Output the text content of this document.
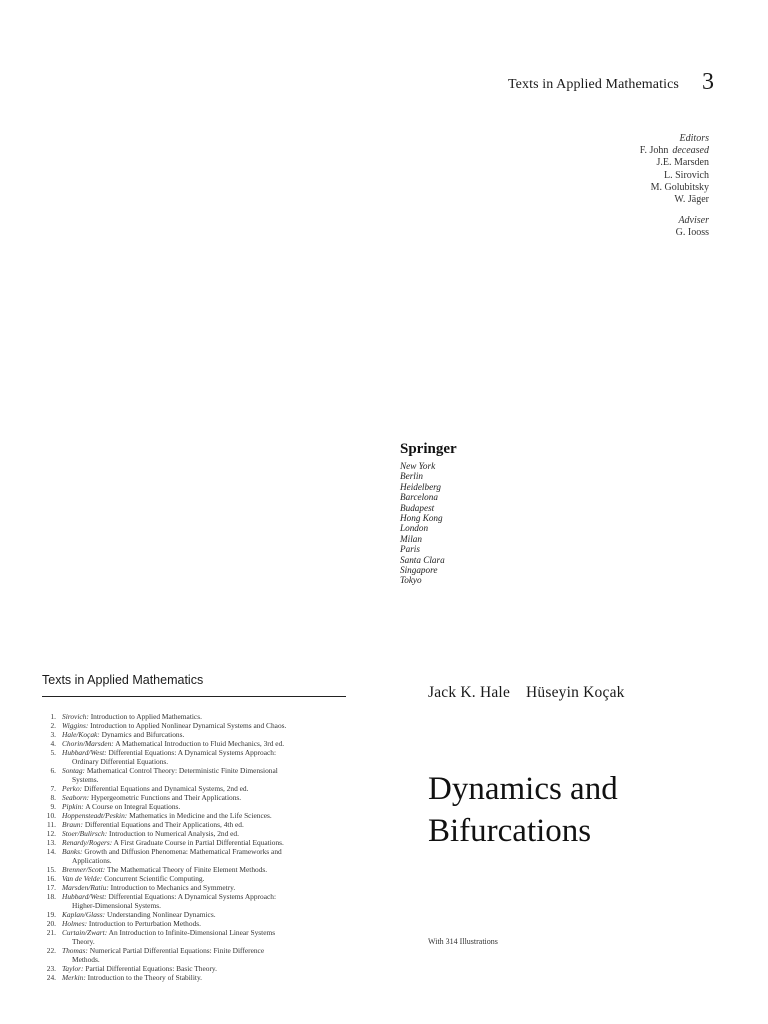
Texts in Applied Mathematics 3
Editors
F. John deceased
J.E. Marsden
L. Sirovich
M. Golubitsky
W. Jäger
Adviser
G. Iooss
Springer
New York
Berlin
Heidelberg
Barcelona
Budapest
Hong Kong
London
Milan
Paris
Santa Clara
Singapore
Tokyo
Texts in Applied Mathematics
1. Sirovich: Introduction to Applied Mathematics.
2. Wiggins: Introduction to Applied Nonlinear Dynamical Systems and Chaos.
3. Hale/Koçak: Dynamics and Bifurcations.
4. Chorin/Marsden: A Mathematical Introduction to Fluid Mechanics, 3rd ed.
5. Hubbard/West: Differential Equations: A Dynamical Systems Approach:
Ordinary Differential Equations.
6. Sontag: Mathematical Control Theory: Deterministic Finite Dimensional
Systems.
7. Perko: Differential Equations and Dynamical Systems, 2nd ed.
8. Seaborn: Hypergeometric Functions and Their Applications.
9. Pipkin: A Course on Integral Equations.
10. Hoppensteadt/Peskin: Mathematics in Medicine and the Life Sciences.
11. Braun: Differential Equations and Their Applications, 4th ed.
12. Stoer/Bulirsch: Introduction to Numerical Analysis, 2nd ed.
13. Renardy/Rogers: A First Graduate Course in Partial Differential Equations.
14. Banks: Growth and Diffusion Phenomena: Mathematical Frameworks and
Applications.
15. Brenner/Scott: The Mathematical Theory of Finite Element Methods.
16. Van de Velde: Concurrent Scientific Computing.
17. Marsden/Ratiu: Introduction to Mechanics and Symmetry.
18. Hubbard/West: Differential Equations: A Dynamical Systems Approach:
Higher-Dimensional Systems.
19. Kaplan/Glass: Understanding Nonlinear Dynamics.
20. Holmes: Introduction to Perturbation Methods.
21. Curtain/Zwart: An Introduction to Infinite-Dimensional Linear Systems
Theory.
22. Thomas: Numerical Partial Differential Equations: Finite Difference
Methods.
23. Taylor: Partial Differential Equations: Basic Theory.
24. Merkin: Introduction to the Theory of Stability.
Jack K. Hale Hüseyin Koçak
Dynamics and
Bifurcations
With 314 Illustrations
